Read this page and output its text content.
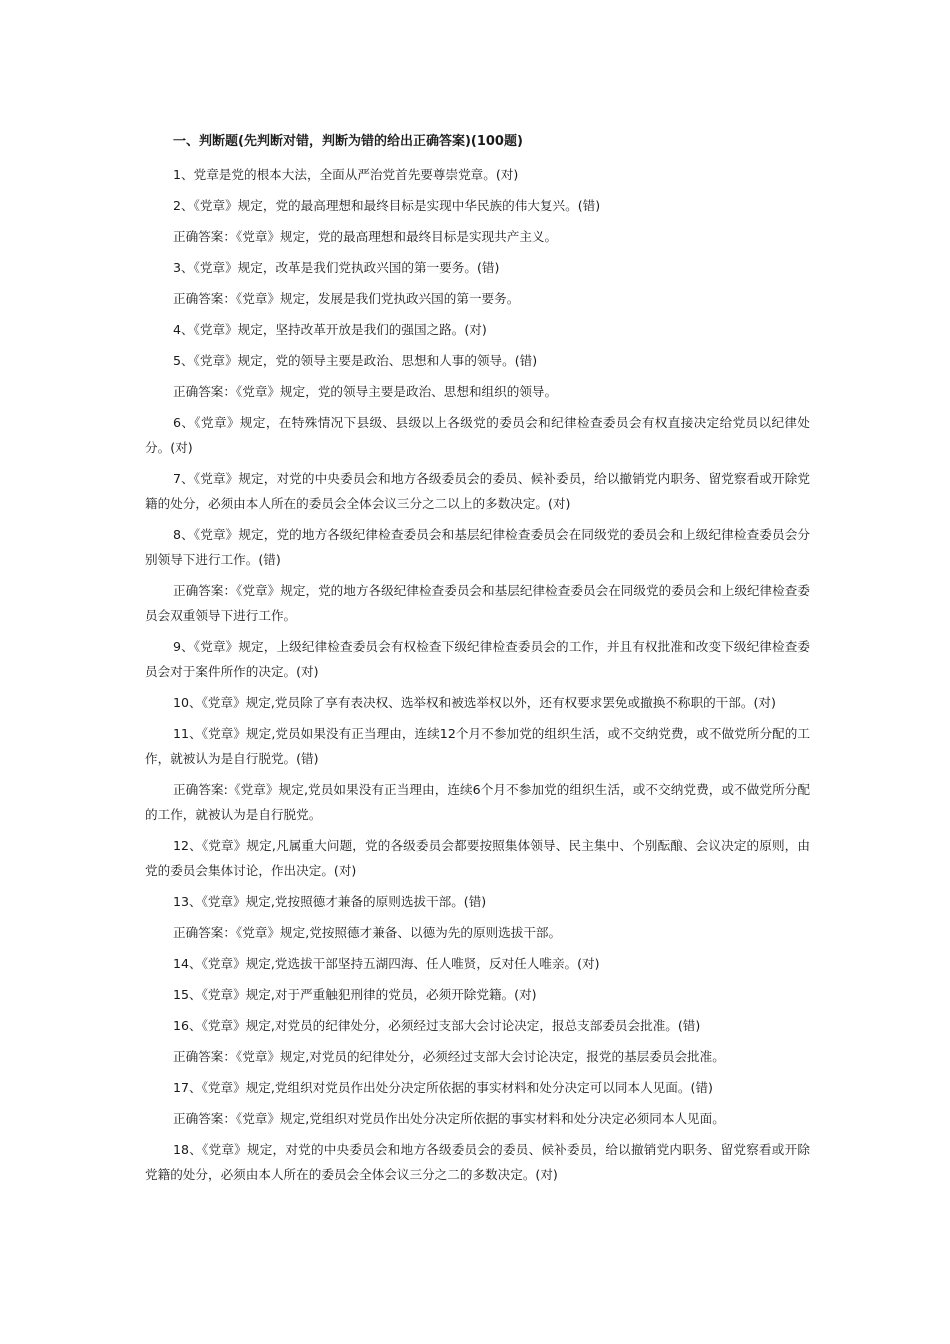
一、判断题(先判断对错，判断为错的给出正确答案)(100题)

1、党章是党的根本大法，全面从严治党首先要尊崇党章。(对)

2、《党章》规定，党的最高理想和最终目标是实现中华民族的伟大复兴。(错)

正确答案：《党章》规定，党的最高理想和最终目标是实现共产主义。

3、《党章》规定，改革是我们党执政兴国的第一要务。(错)

正确答案：《党章》规定，发展是我们党执政兴国的第一要务。

4、《党章》规定，坚持改革开放是我们的强国之路。(对)

5、《党章》规定，党的领导主要是政治、思想和人事的领导。(错)

正确答案：《党章》规定，党的领导主要是政治、思想和组织的领导。

6、《党章》规定，在特殊情况下县级、县级以上各级党的委员会和纪律检查委员会有权直接决定给党员以纪律处分。(对)

7、《党章》规定，对党的中央委员会和地方各级委员会的委员、候补委员，给以撤销党内职务、留党察看或开除党籍的处分，必须由本人所在的委员会全体会议三分之二以上的多数决定。(对)

8、《党章》规定，党的地方各级纪律检查委员会和基层纪律检查委员会在同级党的委员会和上级纪律检查委员会分别领导下进行工作。(错)

正确答案：《党章》规定，党的地方各级纪律检查委员会和基层纪律检查委员会在同级党的委员会和上级纪律检查委员会双重领导下进行工作。

9、《党章》规定，上级纪律检查委员会有权检查下级纪律检查委员会的工作，并且有权批准和改变下级纪律检查委员会对于案件所作的决定。(对)

10、《党章》规定,党员除了享有表决权、选举权和被选举权以外，还有权要求罢免或撤换不称职的干部。(对)

11、《党章》规定,党员如果没有正当理由，连续12个月不参加党的组织生活，或不交纳党费，或不做党所分配的工作，就被认为是自行脱党。(错)

正确答案:《党章》规定,党员如果没有正当理由，连续6个月不参加党的组织生活，或不交纳党费，或不做党所分配的工作，就被认为是自行脱党。

12、《党章》规定,凡属重大问题，党的各级委员会都要按照集体领导、民主集中、个别酝酿、会议决定的原则，由党的委员会集体讨论，作出决定。(对)

13、《党章》规定,党按照德才兼备的原则选拔干部。(错)

正确答案：《党章》规定,党按照德才兼备、以德为先的原则选拔干部。

14、《党章》规定,党选拔干部坚持五湖四海、任人唯贤，反对任人唯亲。(对)

15、《党章》规定,对于严重触犯刑律的党员，必须开除党籍。(对)

16、《党章》规定,对党员的纪律处分，必须经过支部大会讨论决定，报总支部委员会批准。(错)

正确答案：《党章》规定,对党员的纪律处分，必须经过支部大会讨论决定，报党的基层委员会批准。

17、《党章》规定,党组织对党员作出处分决定所依据的事实材料和处分决定可以同本人见面。(错)

正确答案：《党章》规定,党组织对党员作出处分决定所依据的事实材料和处分决定必须同本人见面。

18、《党章》规定，对党的中央委员会和地方各级委员会的委员、候补委员，给以撤销党内职务、留党察看或开除党籍的处分，必须由本人所在的委员会全体会议三分之二的多数决定。(对)
